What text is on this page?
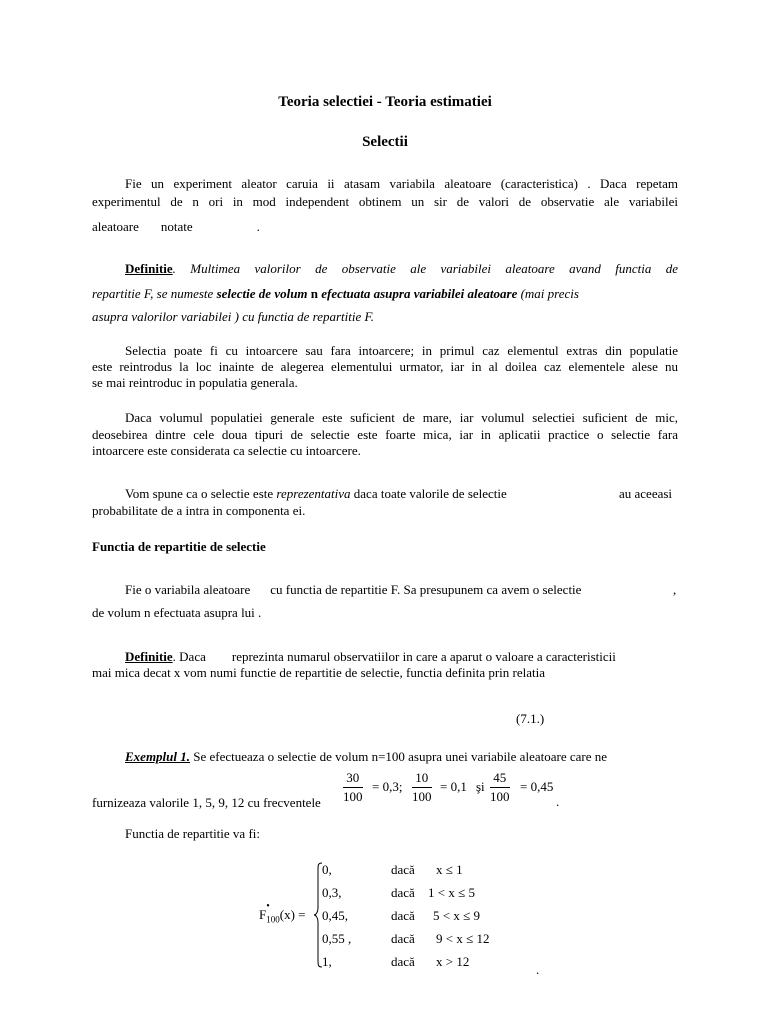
Teoria selectiei - Teoria estimatiei
Selectii
Fie un experiment aleator caruia ii atasam variabila aleatoare (caracteristica) . Daca repetam
experimentul de n ori in mod independent obtinem un sir de valori de observatie ale variabilei
aleatoare notate	.
Definitie. Multimea valorilor de observatie ale variabilei aleatoare avand functia de
repartitie F, se numeste selectie de volum n efectuata asupra variabilei aleatoare (mai precis
asupra valorilor variabilei ) cu functia de repartitie F.
Selectia poate fi cu intoarcere sau fara intoarcere; in primul caz elementul extras din populatie
este reintrodus la loc inainte de alegerea elementului urmator, iar in al doilea caz elementele alese nu
se mai reintroduc in populatia generala.
Daca volumul populatiei generale este suficient de mare, iar volumul selectiei suficient de mic,
deosebirea dintre cele doua tipuri de selectie este foarte mica, iar in aplicatii practice o selectie fara
intoarcere este considerata ca selectie cu intoarcere.
Vom spune ca o selectie este reprezentativa daca toate valorile de selectie	au aceeasi
probabilitate de a intra in componenta ei.
Functia de repartitie de selectie
Fie o variabila aleatoare cu functia de repartitie F. Sa presupunem ca avem o selectie	,
de volum n efectuata asupra lui .
Definitie. Daca reprezinta numarul observatiilor in care a aparut o valoare a caracteristicii
mai mica decat x vom numi functie de repartitie de selectie, functia definita prin relatia
(7.1.)
Exemplul 1. Se efectueaza o selectie de volum n=100 asupra unei variabile aleatoare care ne
furnizeaza valorile 1, 5, 9, 12 cu frecventele $\frac{30}{100} = 0,3$; $\frac{10}{100} = 0,1$ şi $\frac{45}{100} = 0,45$
.
Functia de repartitie va fi:
$F_{100}$
•
(x) =
0,	dacă x ≤ 1
0,3,	dacă 1 < x ≤ 5
0,45,	dacă 5 < x ≤ 9
0,55 ,	dacă 9 < x ≤ 12
1,	dacă x > 12
.
